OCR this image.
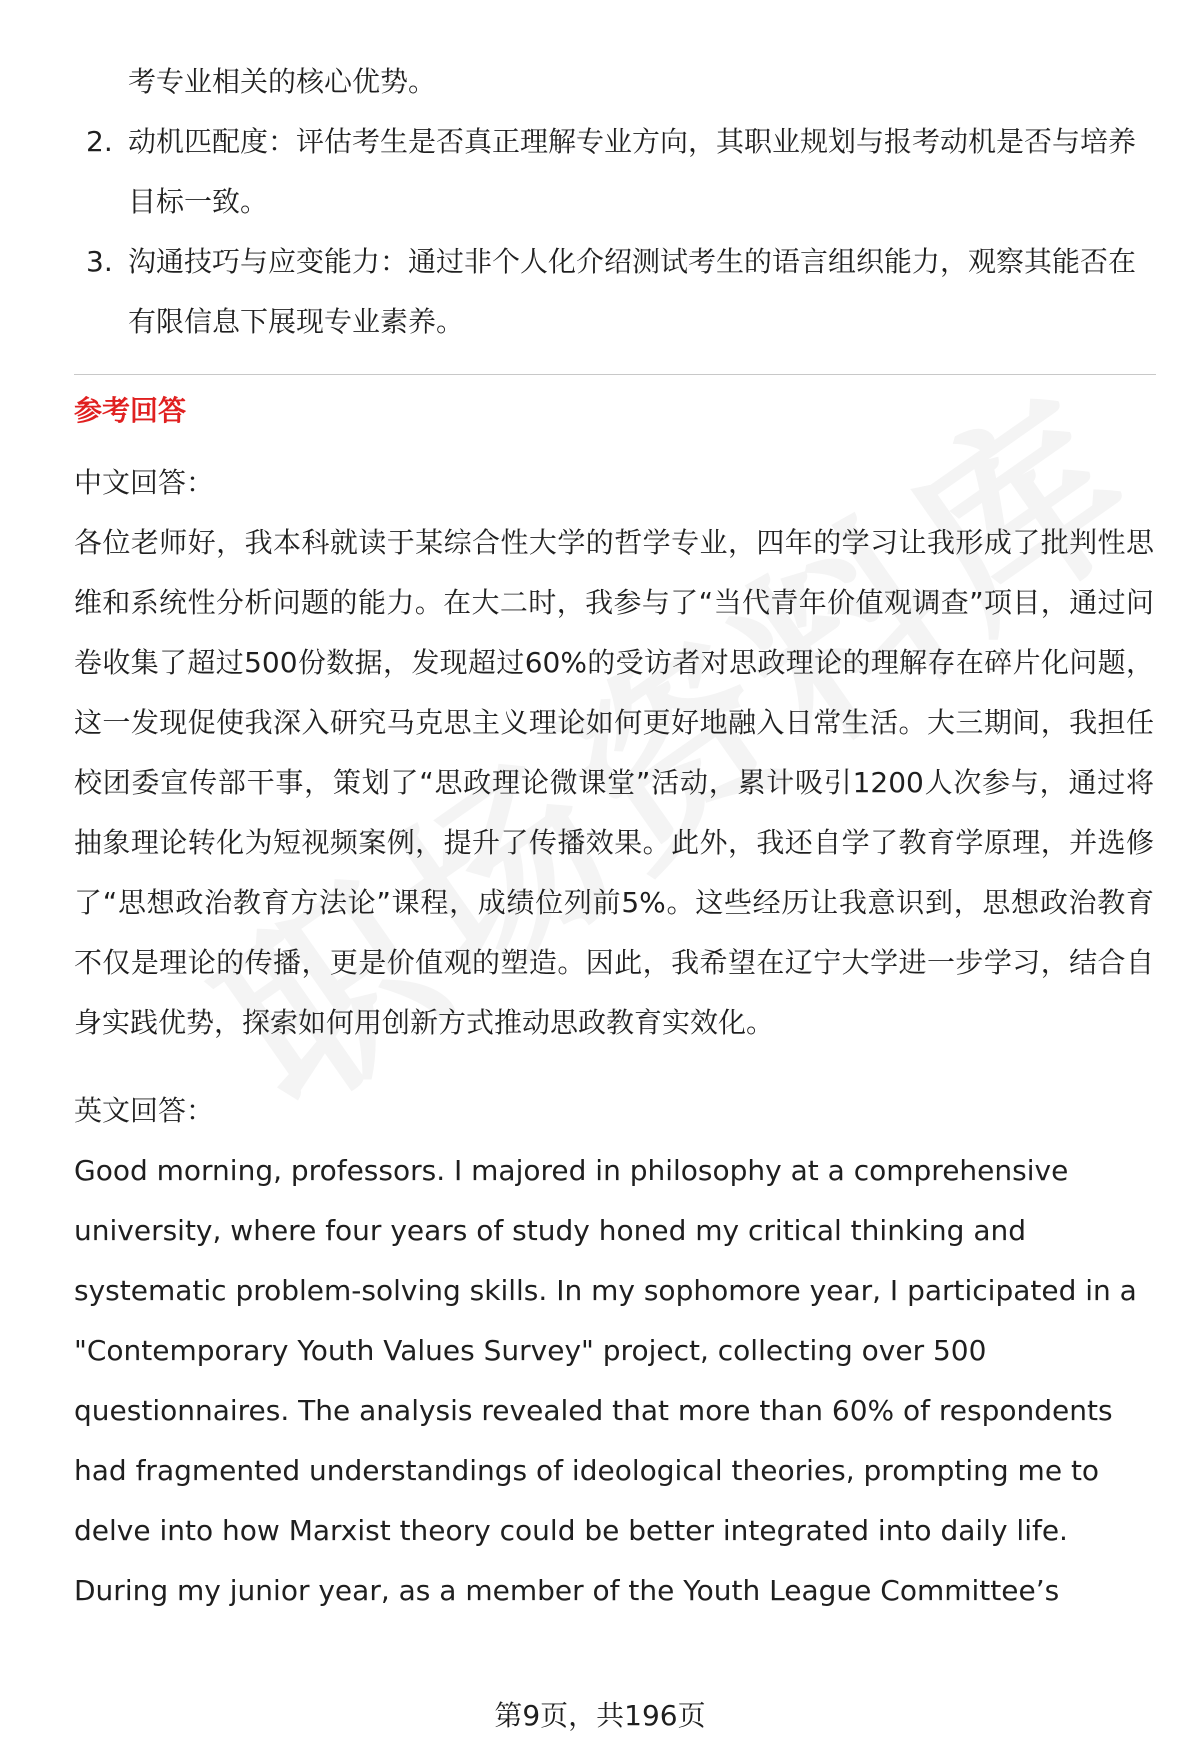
考专业相关的核心优势。

2. 动机匹配度：评估考生是否真正理解专业方向，其职业规划与报考动机是否与培养目标一致。
3. 沟通技巧与应变能力：通过非个人化介绍测试考生的语言组织能力，观察其能否在有限信息下展现专业素养。
参考回答
中文回答：

各位老师好，我本科就读于某综合性大学的哲学专业，四年的学习让我形成了批判性思维和系统性分析问题的能力。在大二时，我参与了“当代青年价值观调查”项目，通过问卷收集了超过500份数据，发现超过60%的受访者对思政理论的理解存在碎片化问题，这一发现促使我深入研究马克思主义理论如何更好地融入日常生活。大三期间，我担任校团委宣传部干事，策划了“思政理论微课堂”活动，累计吸引1200人次参与，通过将抽象理论转化为短视频案例，提升了传播效果。此外，我还自学了教育学原理，并选修了“思想政治教育方法论”课程，成绩位列前5%。这些经历让我意识到，思想政治教育不仅是理论的传播，更是价值观的塑造。因此，我希望在辽宁大学进一步学习，结合自身实践优势，探索如何用创新方式推动思政教育实效化。

英文回答：

Good morning, professors. I majored in philosophy at a comprehensive university, where four years of study honed my critical thinking and systematic problem-solving skills. In my sophomore year, I participated in a "Contemporary Youth Values Survey" project, collecting over 500 questionnaires. The analysis revealed that more than 60% of respondents had fragmented understandings of ideological theories, prompting me to delve into how Marxist theory could be better integrated into daily life. During my junior year, as a member of the Youth League Committee’s

第9页，共196页
